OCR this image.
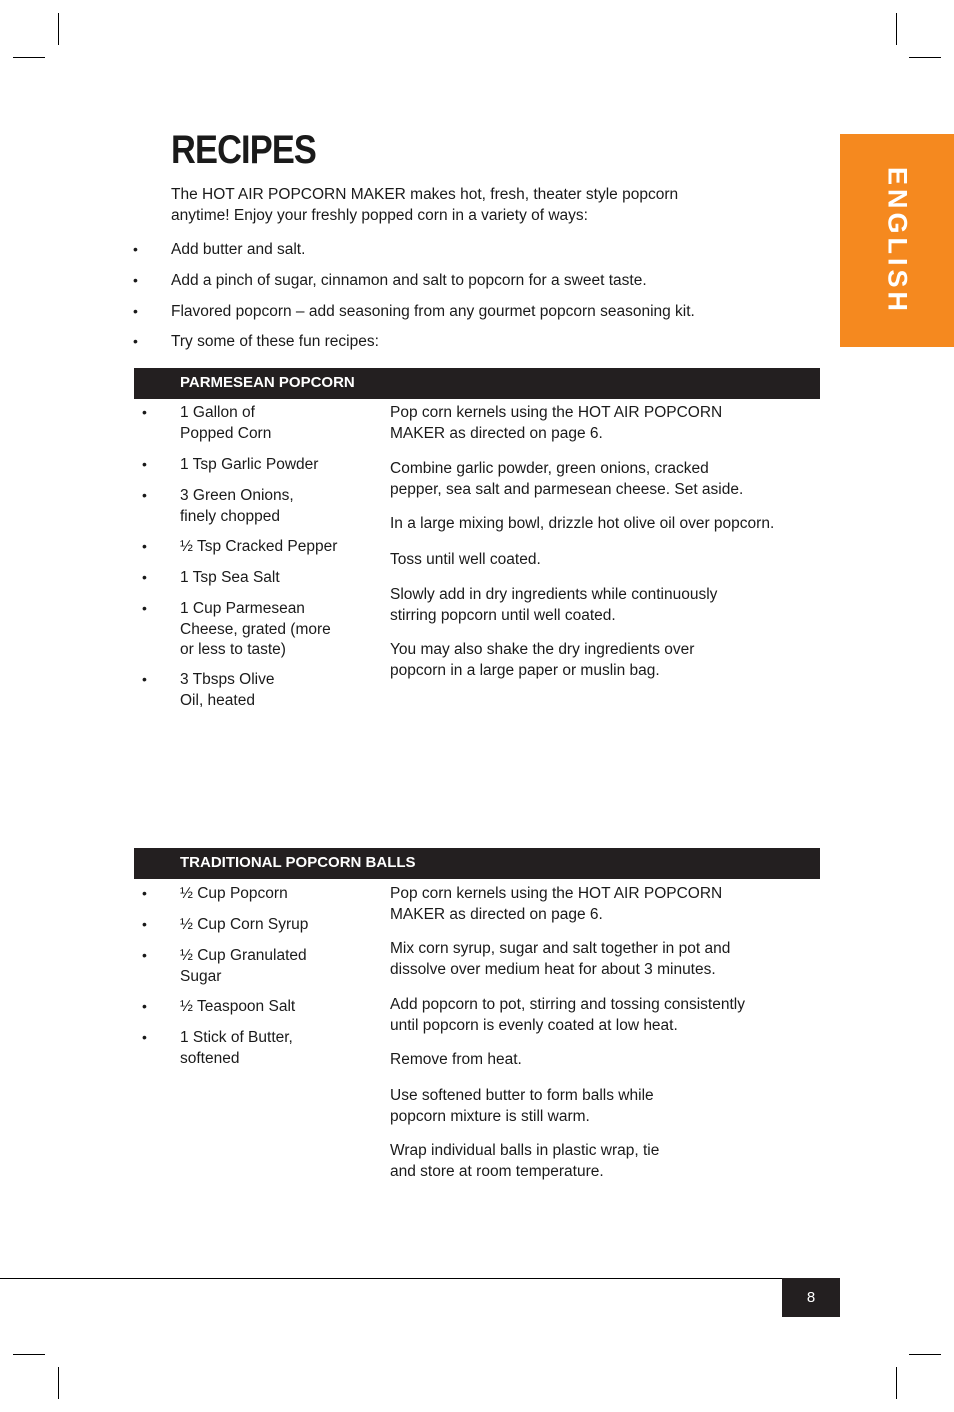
ENGLISH
RECIPES
The HOT AIR POPCORN MAKER makes hot, fresh, theater style popcorn
anytime! Enjoy your freshly popped corn in a variety of ways:
• Add butter and salt.
• Add a pinch of sugar, cinnamon and salt to popcorn for a sweet taste.
• Flavored popcorn – add seasoning from any gourmet popcorn seasoning kit.
• Try some of these fun recipes:
PARMESEAN POPCORN
• 1 Gallon of
Popped Corn
• 1 Tsp Garlic Powder
• 3 Green Onions,
finely chopped
• ½ Tsp Cracked Pepper
• 1 Tsp Sea Salt
• 1 Cup Parmesean
Cheese, grated (more
or less to taste)
• 3 Tbsps Olive
Oil, heated
Pop corn kernels using the HOT AIR POPCORN
MAKER as directed on page 6.
Combine garlic powder, green onions, cracked
pepper, sea salt and parmesean cheese. Set aside.
In a large mixing bowl, drizzle hot olive oil over popcorn.
Toss until well coated.
Slowly add in dry ingredients while continuously
stirring popcorn until well coated.
You may also shake the dry ingredients over
popcorn in a large paper or muslin bag.
TRADITIONAL POPCORN BALLS
• ½ Cup Popcorn
• ½ Cup Corn Syrup
• ½ Cup Granulated
Sugar
• ½ Teaspoon Salt
• 1 Stick of Butter,
softened
Pop corn kernels using the HOT AIR POPCORN
MAKER as directed on page 6.
Mix corn syrup, sugar and salt together in pot and
dissolve over medium heat for about 3 minutes.
Add popcorn to pot, stirring and tossing consistently
until popcorn is evenly coated at low heat.
Remove from heat.
Use softened butter to form balls while
popcorn mixture is still warm.
Wrap individual balls in plastic wrap, tie
and store at room temperature.
8
